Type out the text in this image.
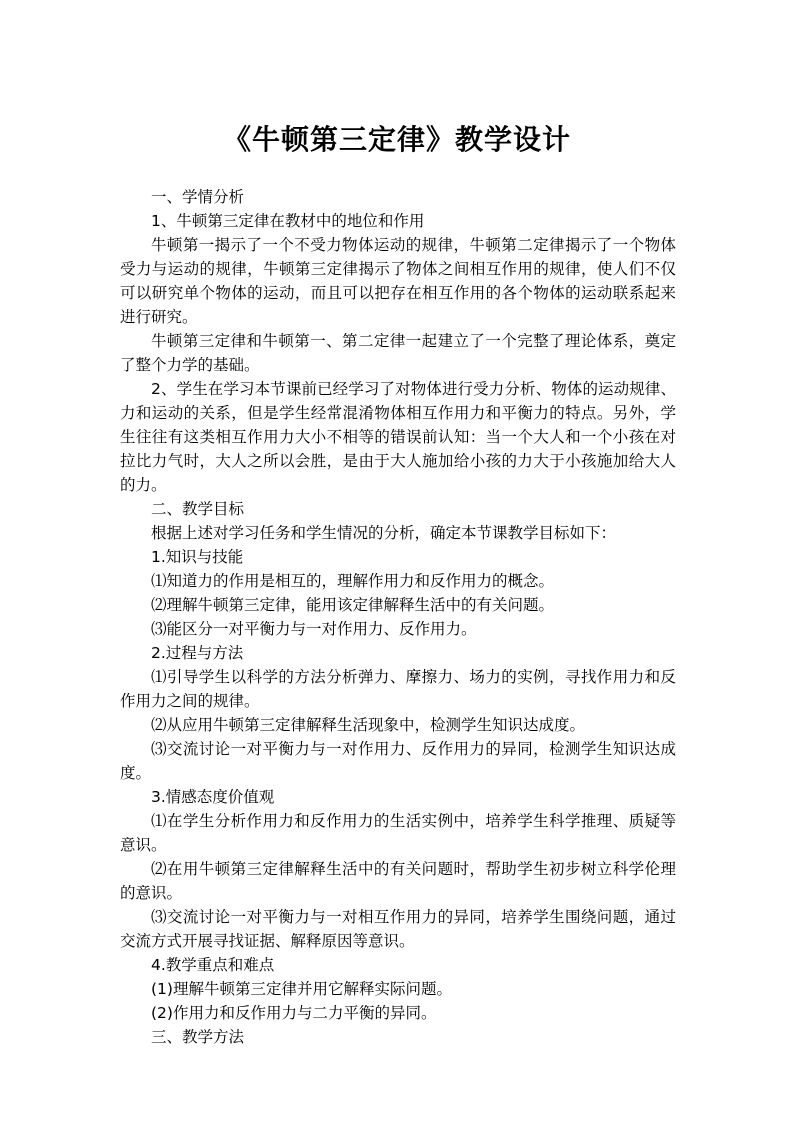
《牛顿第三定律》教学设计

一、学情分析

1、牛顿第三定律在教材中的地位和作用

牛顿第一揭示了一个不受力物体运动的规律，牛顿第二定律揭示了一个物体受力与运动的规律，牛顿第三定律揭示了物体之间相互作用的规律，使人们不仅可以研究单个物体的运动，而且可以把存在相互作用的各个物体的运动联系起来进行研究。

牛顿第三定律和牛顿第一、第二定律一起建立了一个完整了理论体系，奠定了整个力学的基础。

2、学生在学习本节课前已经学习了对物体进行受力分析、物体的运动规律、力和运动的关系，但是学生经常混淆物体相互作用力和平衡力的特点。另外，学生往往有这类相互作用力大小不相等的错误前认知：当一个大人和一个小孩在对拉比力气时，大人之所以会胜，是由于大人施加给小孩的力大于小孩施加给大人的力。

二、教学目标

根据上述对学习任务和学生情况的分析，确定本节课教学目标如下：

1.知识与技能

⑴知道力的作用是相互的，理解作用力和反作用力的概念。

⑵理解牛顿第三定律，能用该定律解释生活中的有关问题。

⑶能区分一对平衡力与一对作用力、反作用力。

2.过程与方法

⑴引导学生以科学的方法分析弹力、摩擦力、场力的实例，寻找作用力和反作用力之间的规律。

⑵从应用牛顿第三定律解释生活现象中，检测学生知识达成度。

⑶交流讨论一对平衡力与一对作用力、反作用力的异同，检测学生知识达成度。

3.情感态度价值观

⑴在学生分析作用力和反作用力的生活实例中，培养学生科学推理、质疑等意识。

⑵在用牛顿第三定律解释生活中的有关问题时，帮助学生初步树立科学伦理的意识。

⑶交流讨论一对平衡力与一对相互作用力的异同，培养学生围绕问题，通过交流方式开展寻找证据、解释原因等意识。

4.教学重点和难点

(1)理解牛顿第三定律并用它解释实际问题。

(2)作用力和反作用力与二力平衡的异同。

三、教学方法
